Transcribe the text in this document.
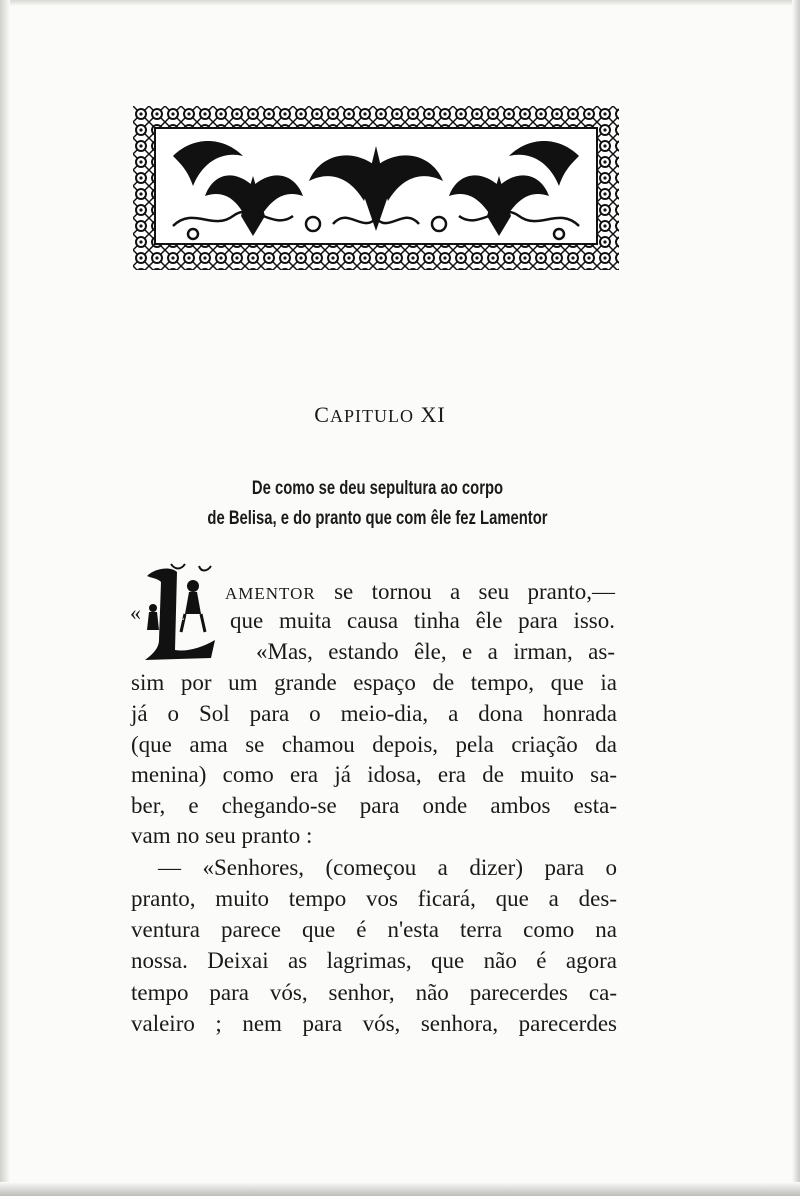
CAPITULO XI
De como se deu sepultura ao corpo
de Belisa, e do pranto que com êle fez Lamentor
L
AMENTOR se tornou a seu pranto,—
«	que muita causa tinha êle para isso.
«Mas, estando êle, e a irman, as-
sim por um grande espaço de tempo, que ia
já o Sol para o meio-dia, a dona honrada
(que ama se chamou depois, pela criação da
menina) como era já idosa, era de muito sa-
ber, e chegando-se para onde ambos esta-
vam no seu pranto :
— «Senhores, (começou a dizer) para o
pranto, muito tempo vos ficará, que a des-
ventura parece que é n'esta terra como na
nossa. Deixai as lagrimas, que não é agora
tempo para vós, senhor, não parecerdes ca-
valeiro ; nem para vós, senhora, parecerdes
